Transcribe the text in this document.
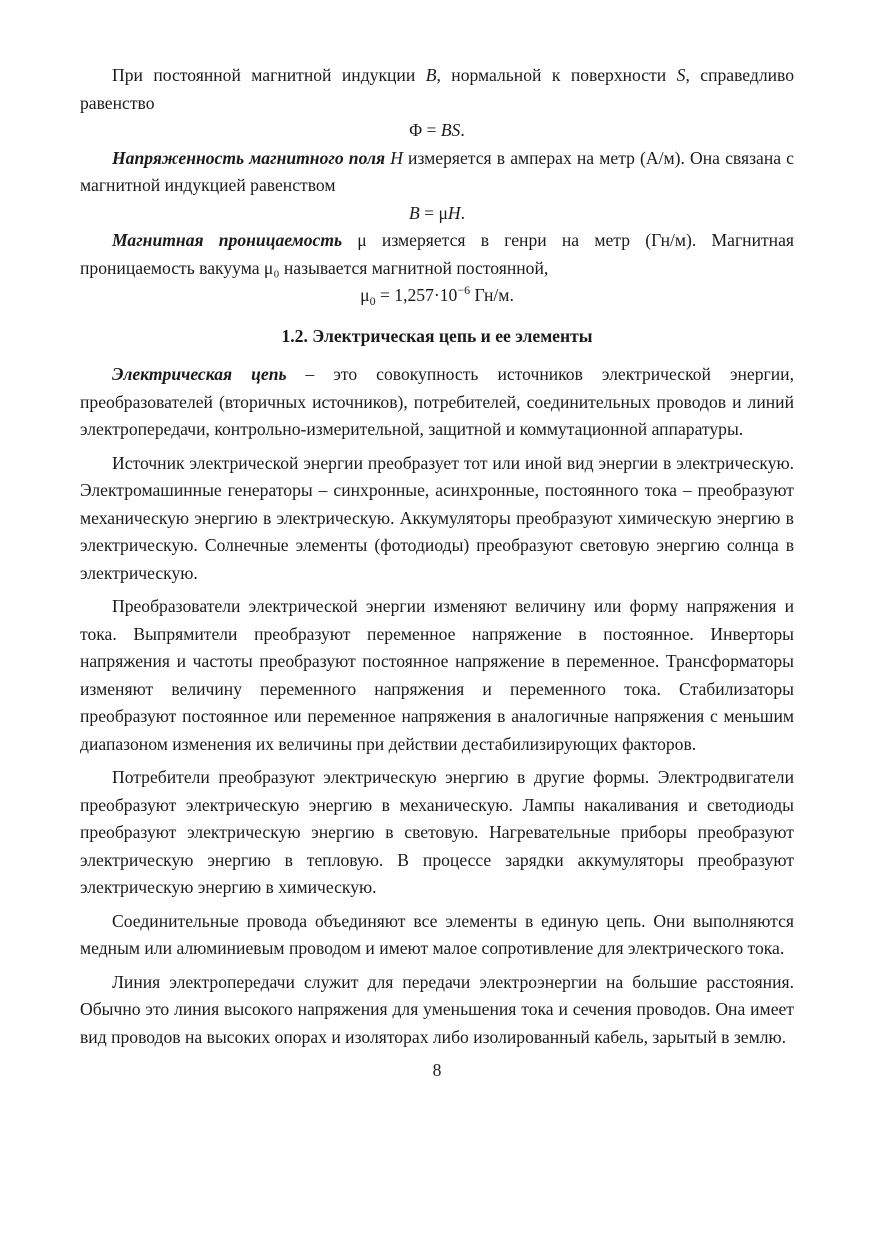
При постоянной магнитной индукции B, нормальной к поверхности S, справедливо равенство

Φ = BS.

Напряженность магнитного поля H измеряется в амперах на метр (А/м). Она связана с магнитной индукцией равенством

B = μH.

Магнитная проницаемость μ измеряется в генри на метр (Гн/м). Магнитная проницаемость вакуума μ₀ называется магнитной постоянной,

$\mu_0 = 1,257\cdot 10^{-6}$ Гн/м.

1.2. Электрическая цепь и ее элементы

Электрическая цепь – это совокупность источников электрической энергии, преобразователей (вторичных источников), потребителей, соединительных проводов и линий электропередачи, контрольно-измерительной, защитной и коммутационной аппаратуры.

Источник электрической энергии преобразует тот или иной вид энергии в электрическую. Электромашинные генераторы – синхронные, асинхронные, постоянного тока – преобразуют механическую энергию в электрическую. Аккумуляторы преобразуют химическую энергию в электрическую. Солнечные элементы (фотодиоды) преобразуют световую энергию солнца в электрическую.

Преобразователи электрической энергии изменяют величину или форму напряжения и тока. Выпрямители преобразуют переменное напряжение в постоянное. Инверторы напряжения и частоты преобразуют постоянное напряжение в переменное. Трансформаторы изменяют величину переменного напряжения и переменного тока. Стабилизаторы преобразуют постоянное или переменное напряжения в аналогичные напряжения с меньшим диапазоном изменения их величины при действии дестабилизирующих факторов.

Потребители преобразуют электрическую энергию в другие формы. Электродвигатели преобразуют электрическую энергию в механическую. Лампы накаливания и светодиоды преобразуют электрическую энергию в световую. Нагревательные приборы преобразуют электрическую энергию в тепловую. В процессе зарядки аккумуляторы преобразуют электрическую энергию в химическую.

Соединительные провода объединяют все элементы в единую цепь. Они выполняются медным или алюминиевым проводом и имеют малое сопротивление для электрического тока.

Линия электропередачи служит для передачи электроэнергии на большие расстояния. Обычно это линия высокого напряжения для уменьшения тока и сечения проводов. Она имеет вид проводов на высоких опорах и изоляторах либо изолированный кабель, зарытый в землю.

8
